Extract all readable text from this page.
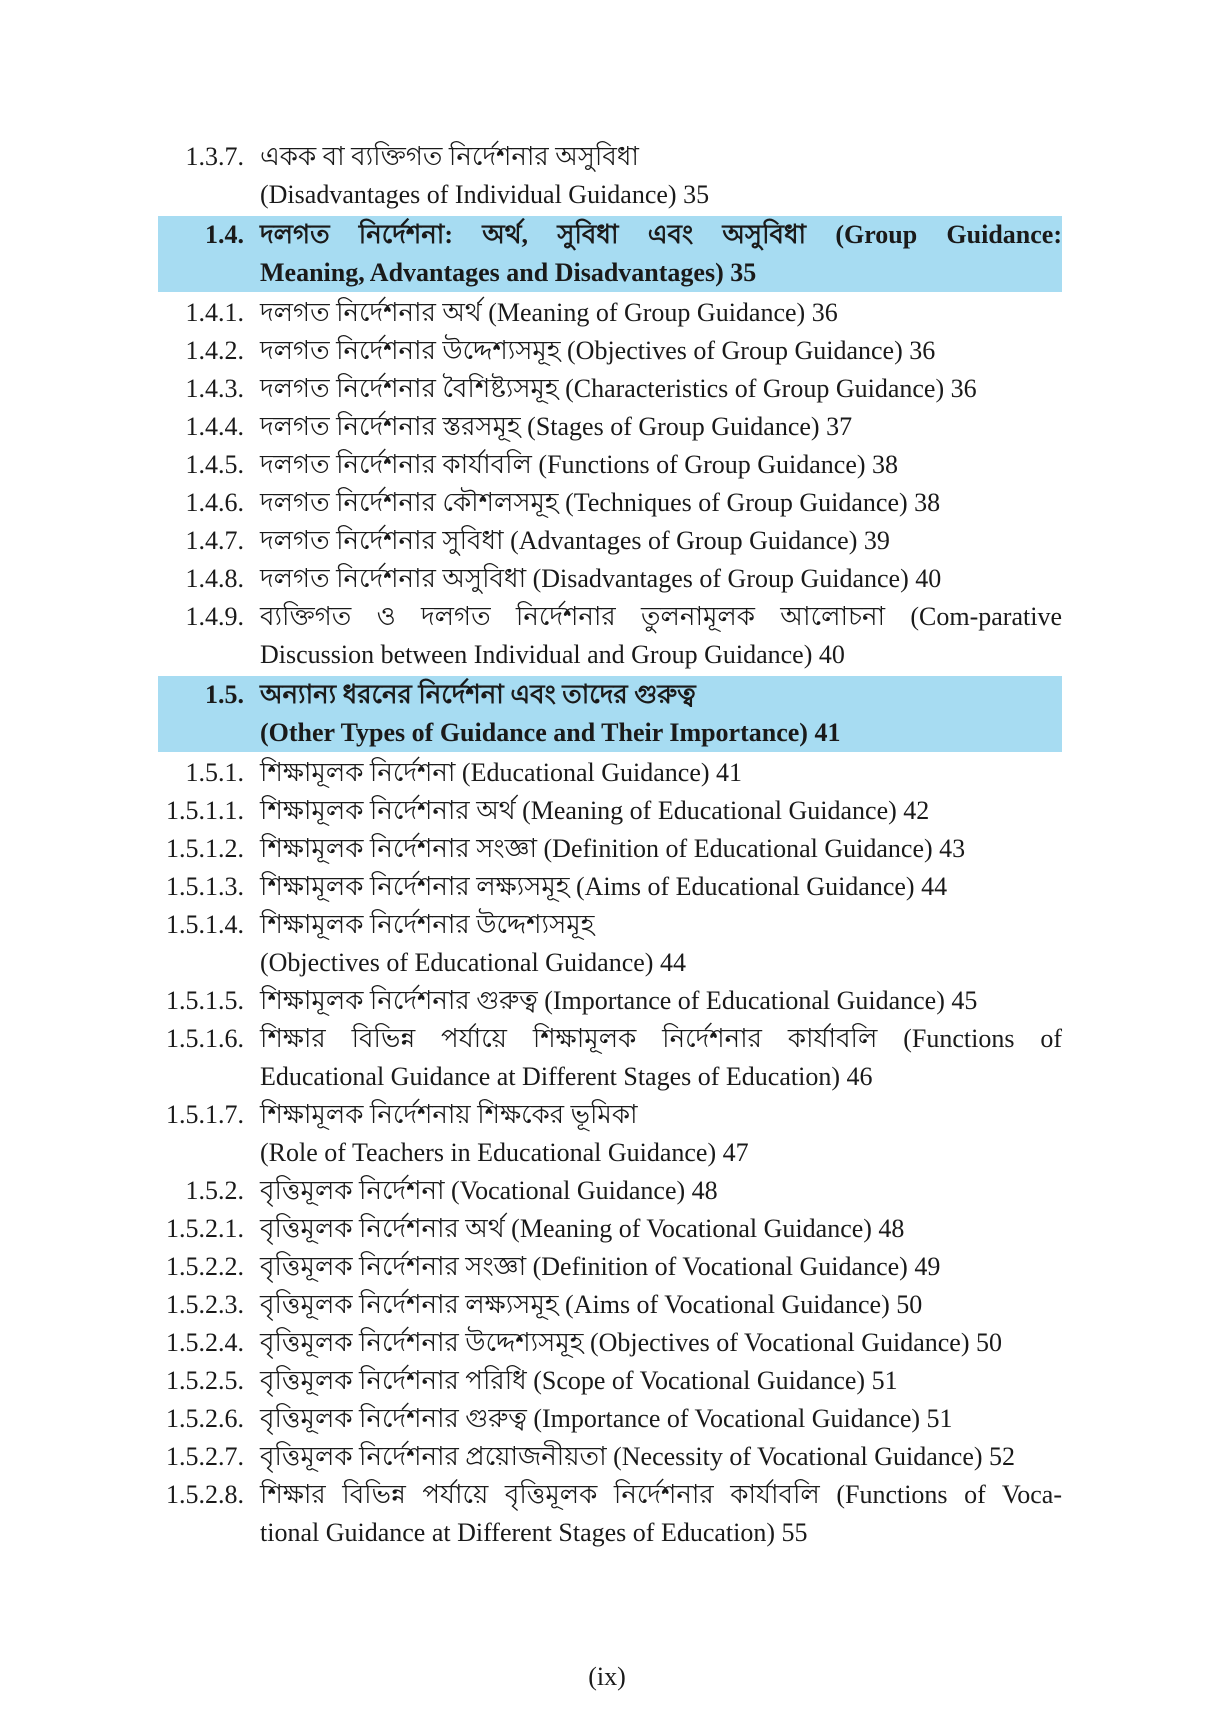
1.3.7. একক বা ব্যক্তিগত নির্দেশনার অসুবিধা
(Disadvantages of Individual Guidance) 35
1.4. দলগত নির্দেশনা: অর্থ, সুবিধা এবং অসুবিধা (Group Guidance:
Meaning, Advantages and Disadvantages) 35
1.4.1. দলগত নির্দেশনার অর্থ (Meaning of Group Guidance) 36
1.4.2. দলগত নির্দেশনার উদ্দেশ্যসমূহ (Objectives of Group Guidance) 36
1.4.3. দলগত নির্দেশনার বৈশিষ্ট্যসমূহ (Characteristics of Group Guidance) 36
1.4.4. দলগত নির্দেশনার স্তরসমূহ (Stages of Group Guidance) 37
1.4.5. দলগত নির্দেশনার কার্যাবলি (Functions of Group Guidance) 38
1.4.6. দলগত নির্দেশনার কৌশলসমূহ (Techniques of Group Guidance) 38
1.4.7. দলগত নির্দেশনার সুবিধা (Advantages of Group Guidance) 39
1.4.8. দলগত নির্দেশনার অসুবিধা (Disadvantages of Group Guidance) 40
1.4.9. ব্যক্তিগত ও দলগত নির্দেশনার তুলনামূলক আলোচনা (Com-parative
Discussion between Individual and Group Guidance) 40
1.5. অন্যান্য ধরনের নির্দেশনা এবং তাদের গুরুত্ব
(Other Types of Guidance and Their Importance) 41
1.5.1. শিক্ষামূলক নির্দেশনা (Educational Guidance) 41
1.5.1.1. শিক্ষামূলক নির্দেশনার অর্থ (Meaning of Educational Guidance) 42
1.5.1.2. শিক্ষামূলক নির্দেশনার সংজ্ঞা (Definition of Educational Guidance) 43
1.5.1.3. শিক্ষামূলক নির্দেশনার লক্ষ্যসমূহ (Aims of Educational Guidance) 44
1.5.1.4. শিক্ষামূলক নির্দেশনার উদ্দেশ্যসমূহ
(Objectives of Educational Guidance) 44
1.5.1.5. শিক্ষামূলক নির্দেশনার গুরুত্ব (Importance of Educational Guidance) 45
1.5.1.6. শিক্ষার বিভিন্ন পর্যায়ে শিক্ষামূলক নির্দেশনার কার্যাবলি (Functions of
Educational Guidance at Different Stages of Education) 46
1.5.1.7. শিক্ষামূলক নির্দেশনায় শিক্ষকের ভূমিকা
(Role of Teachers in Educational Guidance) 47
1.5.2. বৃত্তিমূলক নির্দেশনা (Vocational Guidance) 48
1.5.2.1. বৃত্তিমূলক নির্দেশনার অর্থ (Meaning of Vocational Guidance) 48
1.5.2.2. বৃত্তিমূলক নির্দেশনার সংজ্ঞা (Definition of Vocational Guidance) 49
1.5.2.3. বৃত্তিমূলক নির্দেশনার লক্ষ্যসমূহ (Aims of Vocational Guidance) 50
1.5.2.4. বৃত্তিমূলক নির্দেশনার উদ্দেশ্যসমূহ (Objectives of Vocational Guidance) 50
1.5.2.5. বৃত্তিমূলক নির্দেশনার পরিধি (Scope of Vocational Guidance) 51
1.5.2.6. বৃত্তিমূলক নির্দেশনার গুরুত্ব (Importance of Vocational Guidance) 51
1.5.2.7. বৃত্তিমূলক নির্দেশনার প্রয়োজনীয়তা (Necessity of Vocational Guidance) 52
1.5.2.8. শিক্ষার বিভিন্ন পর্যায়ে বৃত্তিমূলক নির্দেশনার কার্যাবলি (Functions of Voca-
tional Guidance at Different Stages of Education) 55
(ix)
